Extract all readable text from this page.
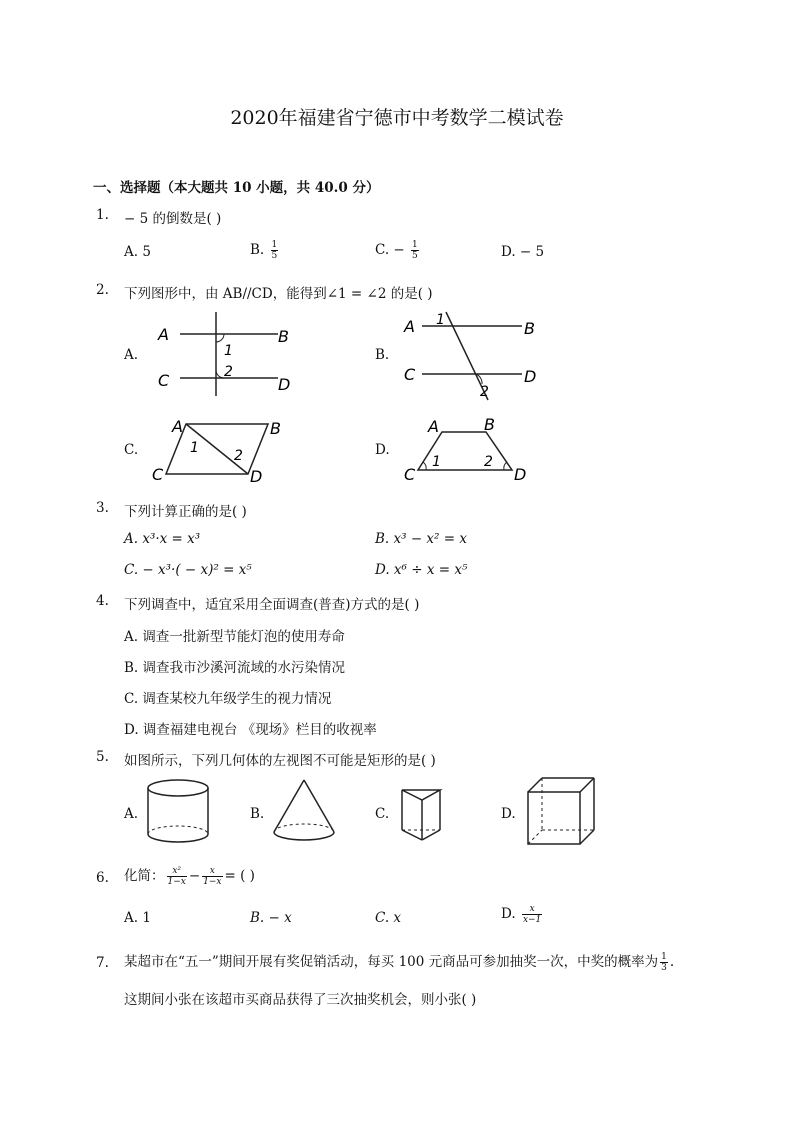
2020年福建省宁德市中考数学二模试卷
一、选择题（本大题共 10 小题，共 40.0 分）
1. − 5 的倒数是( )
A. 5	B. $\frac{1}{5}$	C. − $\frac{1}{5}$	D. − 5
2. 下列图形中，由 AB//CD，能得到∠1 = ∠2 的是( )
A.	B.
C.	D.
A	B
C	D
1
2
A 1	B
C	D
2
A	B
C	D
1	2
A	B
C	D
1	2
3. 下列计算正确的是( )
A. x³·x = x³	B. x³ − x² = x
C. − x³·( − x)² = x⁵	D. x⁶ ÷ x = x⁵
4. 下列调查中，适宜采用全面调查(普查)方式的是( )
A. 调查一批新型节能灯泡的使用寿命
B. 调查我市沙溪河流域的水污染情况
C. 调查某校九年级学生的视力情况
D. 调查福建电视台 《现场》栏目的收视率
5. 如图所示，下列几何体的左视图不可能是矩形的是( )
A.	B.	C.	D.
6. 化简： $\frac{\text{x²}}{1-x} - \frac{x}{1-x}$ = ( )
A. 1	B. − x	C. x	D. $\frac{x}{x-1}$
7. 某超市在“五一”期间开展有奖促销活动，每买 100 元商品可参加抽奖一次，中奖的概率为 $\frac{1}{3}$ .
这期间小张在该超市买商品获得了三次抽奖机会，则小张( )
